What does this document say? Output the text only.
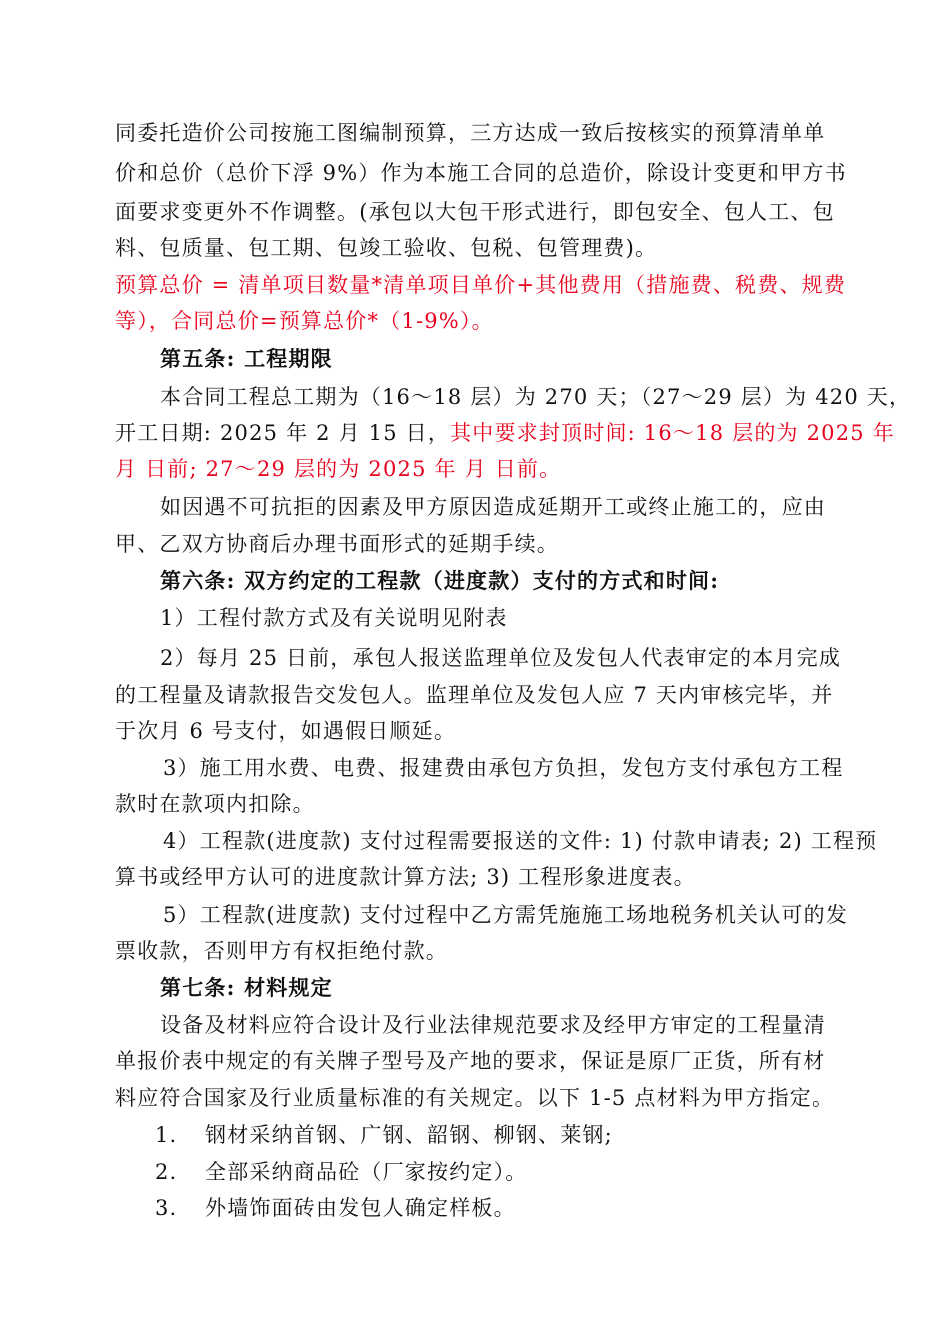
同委托造价公司按施工图编制预算，三方达成一致后按核实的预算清单单
价和总价（总价下浮 9%）作为本施工合同的总造价，除设计变更和甲方书
面要求变更外不作调整。(承包以大包干形式进行，即包安全、包人工、包
料、包质量、包工期、包竣工验收、包税、包管理费)。
预算总价 = 清单项目数量*清单项目单价+其他费用（措施费、税费、规费
等），合同总价=预算总价*（1-9%）。
第五条: 工程期限
本合同工程总工期为（16～18 层）为 270 天；（27～29 层）为 420 天，
开工日期: 2025 年 2 月 15 日，其中要求封顶时间: 16～18 层的为 2025 年
月 日前; 27～29 层的为 2025 年 月 日前。
如因遇不可抗拒的因素及甲方原因造成延期开工或终止施工的，应由
甲、乙双方协商后办理书面形式的延期手续。
第六条: 双方约定的工程款（进度款）支付的方式和时间:
1）工程付款方式及有关说明见附表
2）每月 25 日前，承包人报送监理单位及发包人代表审定的本月完成
的工程量及请款报告交发包人。监理单位及发包人应 7 天内审核完毕，并
于次月 6 号支付，如遇假日顺延。
3）施工用水费、电费、报建费由承包方负担，发包方支付承包方工程
款时在款项内扣除。
4）工程款(进度款) 支付过程需要报送的文件: 1) 付款申请表; 2) 工程预
算书或经甲方认可的进度款计算方法; 3) 工程形象进度表。
5）工程款(进度款) 支付过程中乙方需凭施施工场地税务机关认可的发
票收款，否则甲方有权拒绝付款。
第七条: 材料规定
设备及材料应符合设计及行业法律规范要求及经甲方审定的工程量清
单报价表中规定的有关牌子型号及产地的要求，保证是原厂正货，所有材
料应符合国家及行业质量标准的有关规定。以下 1-5 点材料为甲方指定。
1. 钢材采纳首钢、广钢、韶钢、柳钢、莱钢;
2. 全部采纳商品砼（厂家按约定）。
3. 外墙饰面砖由发包人确定样板。
